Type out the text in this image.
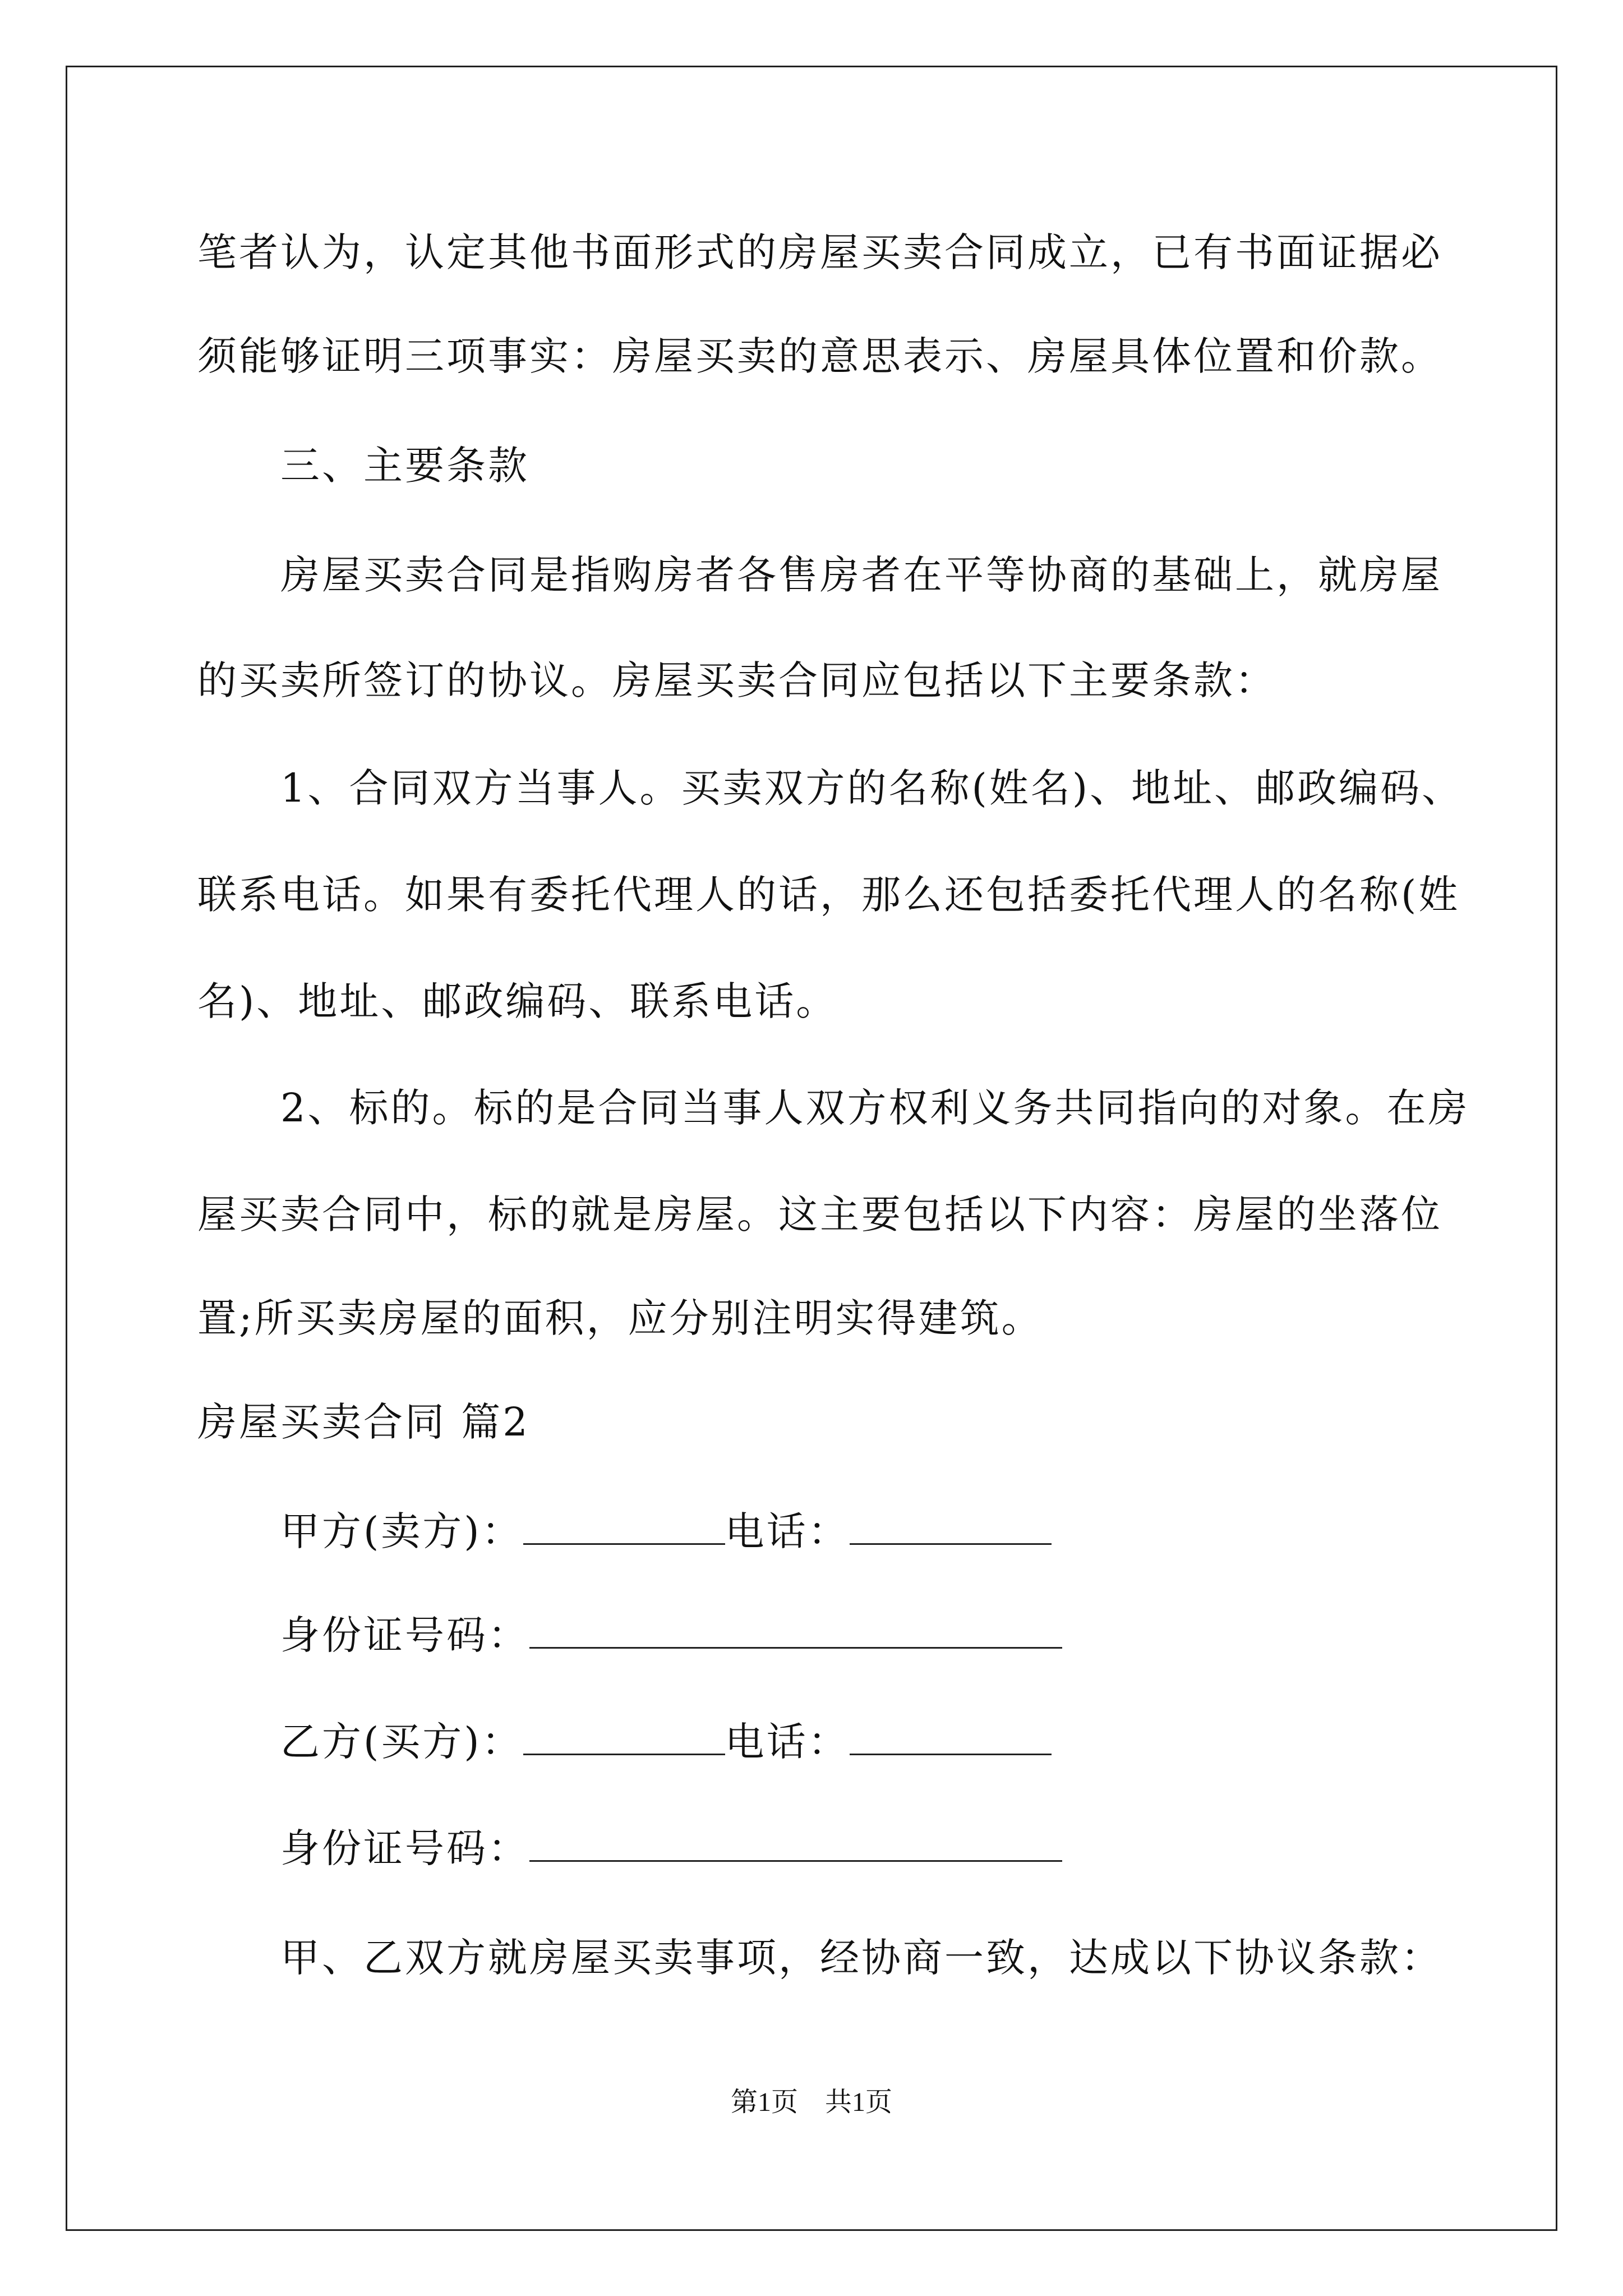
笔者认为，认定其他书面形式的房屋买卖合同成立，已有书面证据必
须能够证明三项事实：房屋买卖的意思表示、房屋具体位置和价款。
三、主要条款
房屋买卖合同是指购房者各售房者在平等协商的基础上，就房屋
的买卖所签订的协议。房屋买卖合同应包括以下主要条款：
1、合同双方当事人。买卖双方的名称(姓名)、地址、邮政编码、
联系电话。如果有委托代理人的话，那么还包括委托代理人的名称(姓
名)、地址、邮政编码、联系电话。
2、标的。标的是合同当事人双方权利义务共同指向的对象。在房
屋买卖合同中，标的就是房屋。这主要包括以下内容：房屋的坐落位
置;所买卖房屋的面积，应分别注明实得建筑。
房屋买卖合同 篇2
甲方(卖方)：	电话：
身份证号码：
乙方(买方)：	电话：
身份证号码：
甲、乙双方就房屋买卖事项，经协商一致，达成以下协议条款：
第1页　共1页
